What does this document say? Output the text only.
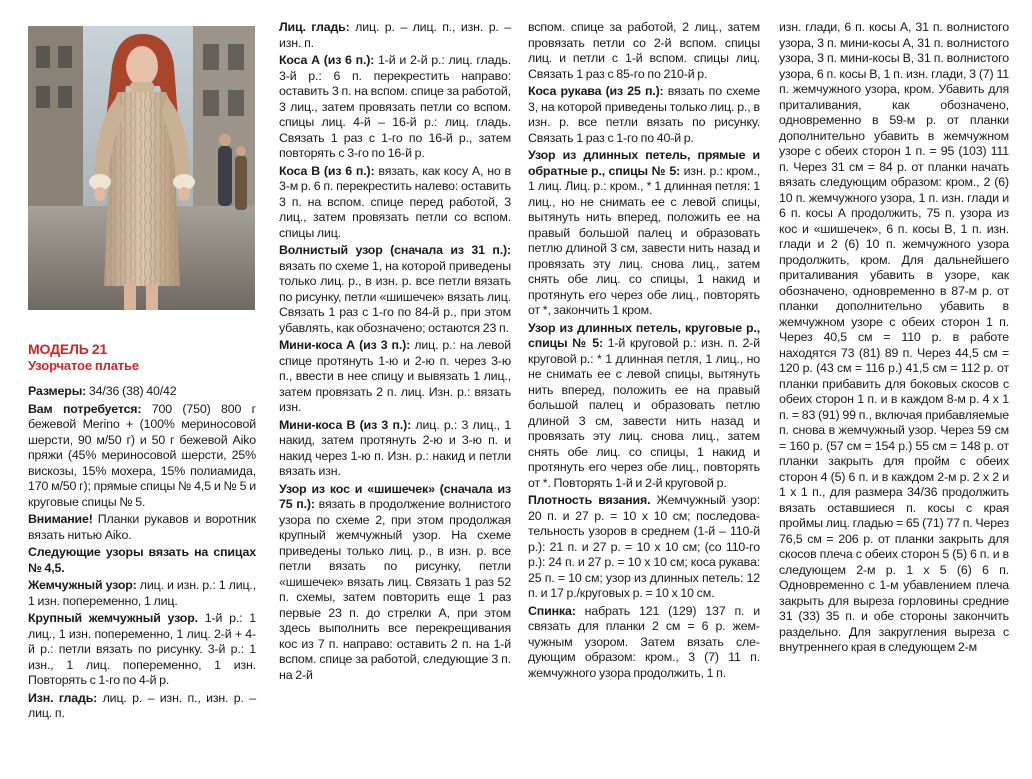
МОДЕЛЬ 21
Узорчатое платье

Размеры: 34/36 (38) 40/42

Вам потребуется: 700 (750) 800 г бежевой Merino + (100% мериносовой шерсти, 90 м/50 г) и 50 г бежевой Aiko пряжи (45% мериносовой шерсти, 25% вискозы, 15% мохера, 15% полиамида, 170 м/50 г); прямые спицы № 4,5 и № 5 и круговые спицы № 5.

Внимание! Планки рукавов и воротник вязать нитью Aiko.

Следующие узоры вязать на спицах № 4,5.

Жемчужный узор: лиц. и изн. р.: 1 лиц., 1 изн. попеременно, 1 лиц.

Крупный жемчужный узор. 1-й р.: 1 лиц., 1 изн. попеременно, 1 лиц. 2-й + 4-й р.: петли вязать по рисунку. 3-й р.: 1 изн., 1 лиц. попеременно, 1 изн. Повторять с 1-го по 4-й р.

Изн. гладь: лиц. р. – изн. п., изн. р. – лиц. п.

Лиц. гладь: лиц. р. – лиц. п., изн. р. – изн. п.

Коса А (из 6 п.): 1-й и 2-й р.: лиц. гладь. 3-й р.: 6 п. перекрестить направо: оставить 3 п. на вспом. спице за работой, 3 лиц., затем провязать петли со вспом. спицы лиц. 4-й – 16-й р.: лиц. гладь. Связать 1 раз с 1-го по 16-й р., затем повторять с 3-го по 16-й р.

Коса В (из 6 п.): вязать, как косу А, но в 3-м р. 6 п. перекрестить налево: оставить 3 п. на вспом. спице перед работой, 3 лиц., затем провязать петли со вспом. спицы лиц.

Волнистый узор (сначала из 31 п.): вязать по схеме 1, на которой приведены только лиц. р., в изн. р. все петли вязать по рисунку, петли «шишечек» вязать лиц. Связать 1 раз с 1-го по 84-й р., при этом убавлять, как обозначено; остаются 23 п.

Мини-коса А (из 3 п.): лиц. р.: на левой спице протянуть 1-ю и 2-ю п. через 3-ю п., ввести в нее спицу и вывязать 1 лиц., затем провязать 2 п. лиц. Изн. р.: вязать изн.

Мини-коса В (из 3 п.): лиц. р.: 3 лиц., 1 накид, затем протянуть 2-ю и 3-ю п. и накид через 1-ю п. Изн. р.: накид и петли вязать изн.

Узор из кос и «шишечек» (сначала из 75 п.): вязать в продолжение волнистого узора по схеме 2, при этом продолжая крупный жемчужный узор. На схеме приведены только лиц. р., в изн. р. все петли вязать по рисунку, петли «шишечек» вязать лиц. Связать 1 раз 52 п. схемы, затем повторить еще 1 раз первые 23 п. до стрелки А, при этом здесь выполнить все перекрещивания кос из 7 п. направо: оставить 2 п. на 1-й вспом. спице за работой, следующие 3 п. на 2-й

вспом. спице за работой, 2 лиц., затем провязать петли со 2-й вспом. спицы лиц. и петли с 1-й вспом. спицы лиц. Связать 1 раз с 85-го по 210-й р.

Коса рукава (из 25 п.): вязать по схеме 3, на которой приведены только лиц. р., в изн. р. все петли вязать по рисунку. Связать 1 раз с 1-го по 40-й р.

Узор из длинных петель, прямые и обратные р., спицы № 5: изн. р.: кром., 1 лиц. Лиц. р.: кром., * 1 длинная петля: 1 лиц., но не снимать ее с левой спицы, вытянуть нить вперед, положить ее на правый большой палец и образовать петлю длиной 3 см, завести нить назад и провязать эту лиц. снова лиц., затем снять обе лиц. со спицы, 1 накид и протянуть его через обе лиц., повторять от *, закончить 1 кром.

Узор из длинных петель, круговые р., спицы № 5: 1-й круговой р.: изн. п. 2-й круговой р.: * 1 длинная петля, 1 лиц., но не снимать ее с левой спицы, вытянуть нить вперед, положить ее на правый большой палец и образовать петлю длиной 3 см, завести нить назад и провязать эту лиц. снова лиц., затем снять обе лиц. со спицы, 1 накид и протянуть его через обе лиц., повторять от *. Повторять 1-й и 2-й круговой р.

Плотность вязания. Жемчужный узор: 20 п. и 27 р. = 10 х 10 см; последовательность узоров в среднем (1-й – 110-й р.): 21 п. и 27 р. = 10 х 10 см; (со 110-го р.): 24 п. и 27 р. = 10 х 10 см; коса рукава: 25 п. = 10 см; узор из длинных петель: 12 п. и 17 р./круговых р. = 10 х 10 см.

Спинка: набрать 121 (129) 137 п. и связать для планки 2 см = 6 р. жемчужным узором. Затем вязать следующим образом: кром., 3 (7) 11 п. жемчужного узора продолжить, 1 п.

изн. глади, 6 п. косы А, 31 п. волнистого узора, 3 п. мини-косы А, 31 п. волнистого узора, 3 п. мини-косы В, 31 п. волнистого узора, 6 п. косы В, 1 п. изн. глади, 3 (7) 11 п. жемчужного узора, кром. Убавить для приталивания, как обозначено, одновременно в 59-м р. от планки дополнительно убавить в жемчужном узоре с обеих сторон 1 п. = 95 (103) 111 п. Через 31 см = 84 р. от планки начать вязать следующим образом: кром., 2 (6) 10 п. жемчужного узора, 1 п. изн. глади и 6 п. косы А продолжить, 75 п. узора из кос и «шишечек», 6 п. косы В, 1 п. изн. глади и 2 (6) 10 п. жемчужного узора продолжить, кром. Для дальнейшего приталивания убавить в узоре, как обозначено, одновременно в 87-м р. от планки дополнительно убавить в жемчужном узоре с обеих сторон 1 п. Через 40,5 см = 110 р. в работе находятся 73 (81) 89 п. Через 44,5 см = 120 р. (43 см = 116 р.) 41,5 см = 112 р. от планки прибавить для боковых скосов с обеих сторон 1 п. и в каждом 8-м р. 4 х 1 п. = 83 (91) 99 п., включая прибавляемые п. снова в жемчужный узор. Через 59 см = 160 р. (57 см = 154 р.) 55 см = 148 р. от планки закрыть для пройм с обеих сторон 4 (5) 6 п. и в каждом 2-м р. 2 х 2 и 1 х 1 п., для размера 34/36 продолжить вязать оставшиеся п. косы с края проймы лиц. гладью = 65 (71) 77 п. Через 76,5 см = 206 р. от планки закрыть для скосов плеча с обеих сторон 5 (5) 6 п. и в следующем 2-м р. 1 х 5 (6) 6 п. Одновременно с 1-м убавлением плеча закрыть для выреза горловины средние 31 (33) 35 п. и обе стороны закончить раздельно. Для закругления выреза с внутреннего края в следующем 2-м
